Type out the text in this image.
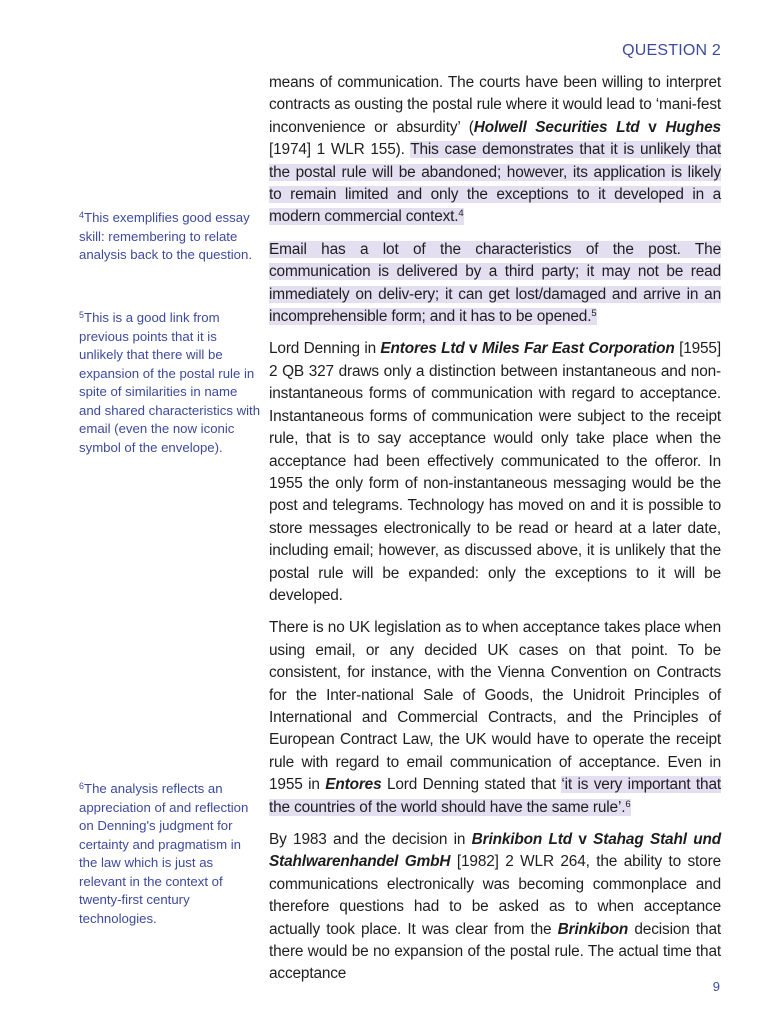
QUESTION 2
$^4$This exemplifies good essay skill: remembering to relate analysis back to the question.
$^5$This is a good link from previous points that it is unlikely that there will be expansion of the postal rule in spite of similarities in name and shared characteristics with email (even the now iconic symbol of the envelope).
$^6$The analysis reflects an appreciation of and reflection on Denning's judgment for certainty and pragmatism in the law which is just as relevant in the context of twenty-first century technologies.

means of communication. The courts have been willing to interpret contracts as ousting the postal rule where it would lead to ‘mani-fest inconvenience or absurdity’ (Holwell Securities Ltd v Hughes [1974] 1 WLR 155). This case demonstrates that it is unlikely that the postal rule will be abandoned; however, its application is likely to remain limited and only the exceptions to it developed in a modern commercial context.$^4$

Email has a lot of the characteristics of the post. The communication is delivered by a third party; it may not be read immediately on deliv-ery; it can get lost/damaged and arrive in an incomprehensible form; and it has to be opened.$^5$

Lord Denning in Entores Ltd v Miles Far East Corporation [1955] 2 QB 327 draws only a distinction between instantaneous and non-instantaneous forms of communication with regard to acceptance. Instantaneous forms of communication were subject to the receipt rule, that is to say acceptance would only take place when the acceptance had been effectively communicated to the offeror. In 1955 the only form of non-instantaneous messaging would be the post and telegrams. Technology has moved on and it is possible to store messages electronically to be read or heard at a later date, including email; however, as discussed above, it is unlikely that the postal rule will be expanded: only the exceptions to it will be developed.

There is no UK legislation as to when acceptance takes place when using email, or any decided UK cases on that point. To be consistent, for instance, with the Vienna Convention on Contracts for the Inter-national Sale of Goods, the Unidroit Principles of International and Commercial Contracts, and the Principles of European Contract Law, the UK would have to operate the receipt rule with regard to email communication of acceptance. Even in 1955 in Entores Lord Denning stated that ‘it is very important that the countries of the world should have the same rule’.$^6$

By 1983 and the decision in Brinkibon Ltd v Stahag Stahl und Stahlwarenhandel GmbH [1982] 2 WLR 264, the ability to store communications electronically was becoming commonplace and therefore questions had to be asked as to when acceptance actually took place. It was clear from the Brinkibon decision that there would be no expansion of the postal rule. The actual time that acceptance

9
